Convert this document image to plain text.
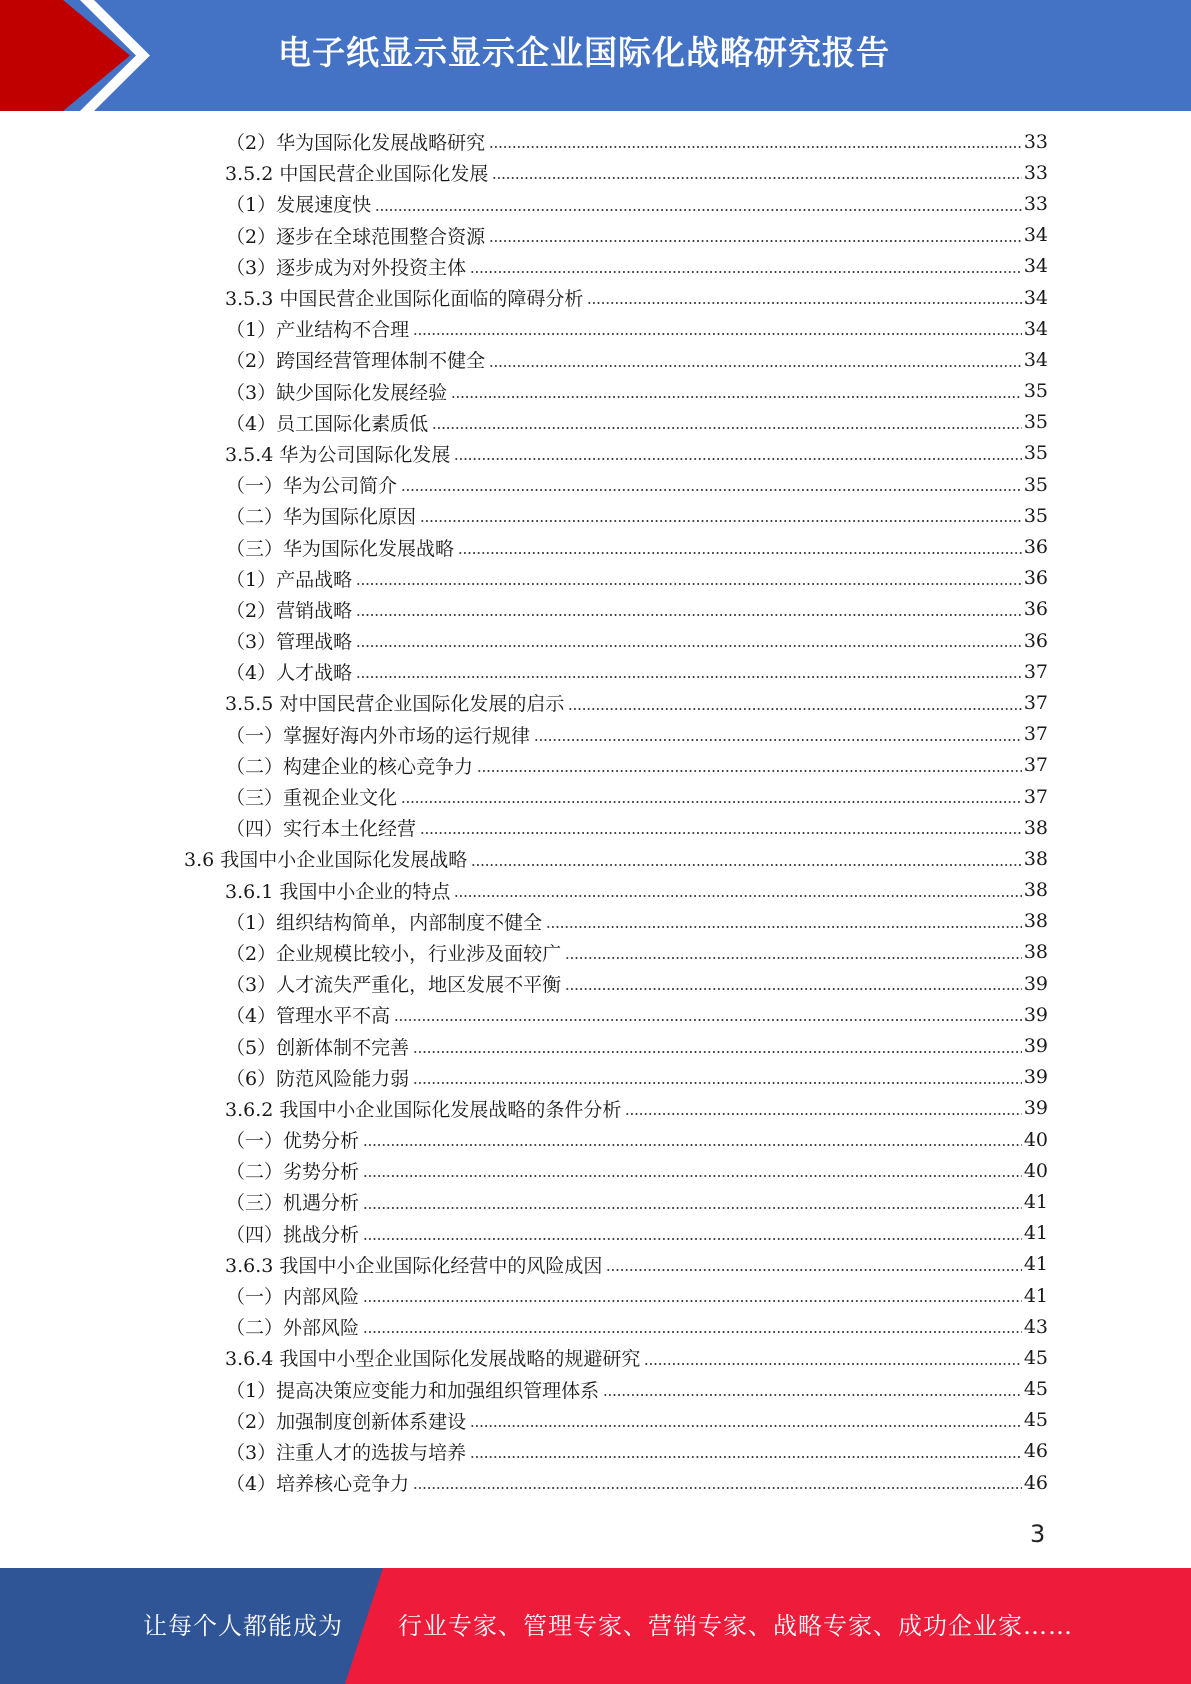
电子纸显示显示企业国际化战略研究报告
（2）华为国际化发展战略研究	33
3.5.2 中国民营企业国际化发展	33
（1）发展速度快	33
（2）逐步在全球范围整合资源	34
（3）逐步成为对外投资主体	34
3.5.3 中国民营企业国际化面临的障碍分析	34
（1）产业结构不合理	34
（2）跨国经营管理体制不健全	34
（3）缺少国际化发展经验	35
（4）员工国际化素质低	35
3.5.4 华为公司国际化发展	35
（一）华为公司简介	35
（二）华为国际化原因	35
（三）华为国际化发展战略	36
（1）产品战略	36
（2）营销战略	36
（3）管理战略	36
（4）人才战略	37
3.5.5 对中国民营企业国际化发展的启示	37
（一）掌握好海内外市场的运行规律	37
（二）构建企业的核心竞争力	37
（三）重视企业文化	37
（四）实行本土化经营	38
3.6 我国中小企业国际化发展战略	38
3.6.1 我国中小企业的特点	38
（1）组织结构简单，内部制度不健全	38
（2）企业规模比较小，行业涉及面较广	38
（3）人才流失严重化，地区发展不平衡	39
（4）管理水平不高	39
（5）创新体制不完善	39
（6）防范风险能力弱	39
3.6.2 我国中小企业国际化发展战略的条件分析	39
（一）优势分析	40
（二）劣势分析	40
（三）机遇分析	41
（四）挑战分析	41
3.6.3 我国中小企业国际化经营中的风险成因	41
（一）内部风险	41
（二）外部风险	43
3.6.4 我国中小型企业国际化发展战略的规避研究	45
（1）提高决策应变能力和加强组织管理体系	45
（2）加强制度创新体系建设	45
（3）注重人才的选拔与培养	46
（4）培养核心竞争力	46
3
让每个人都能成为 行业专家、管理专家、营销专家、战略专家、成功企业家……
